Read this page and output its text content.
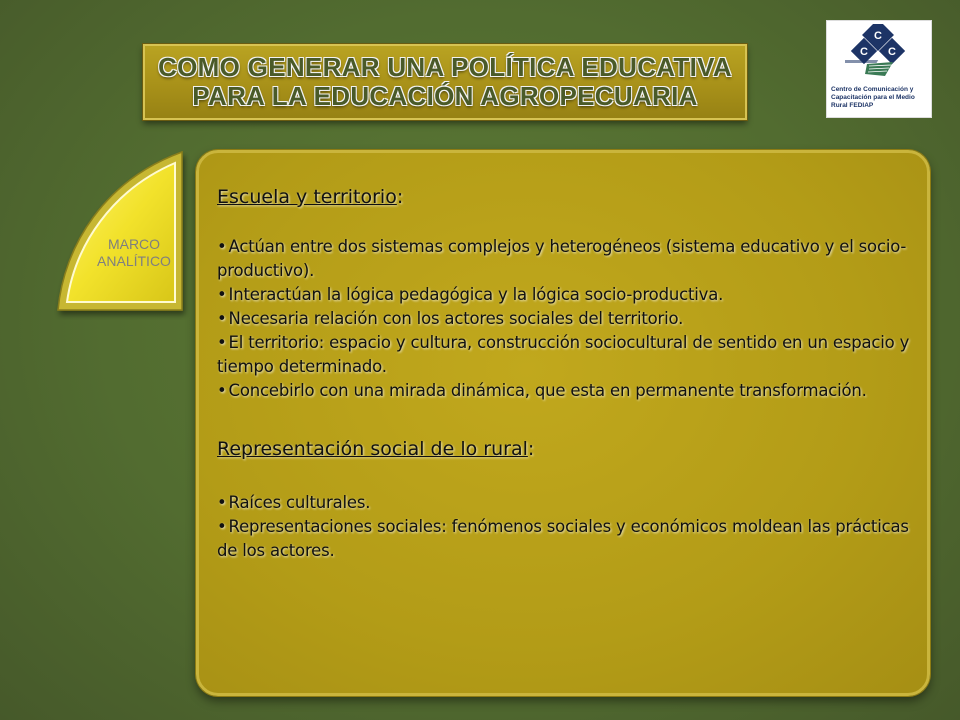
COMO GENERAR UNA POLÍTICA EDUCATIVA
PARA LA EDUCACIÓN AGROPECUARIA
C
C C
Centro de Comunicación y
Capacitación para el Medio
Rural FEDIAP
MARCO
ANALÍTICO

Escuela y territorio:

• Actúan entre dos sistemas complejos y heterogéneos (sistema educativo y el socio-productivo).
• Interactúan la lógica pedagógica y la lógica socio-productiva.
• Necesaria relación con los actores sociales del territorio.
• El territorio: espacio y cultura, construcción sociocultural de sentido en un espacio y tiempo determinado.
• Concebirlo con una mirada dinámica, que esta en permanente transformación.

Representación social de lo rural:

• Raíces culturales.
• Representaciones sociales: fenómenos sociales y económicos moldean las prácticas de los actores.
